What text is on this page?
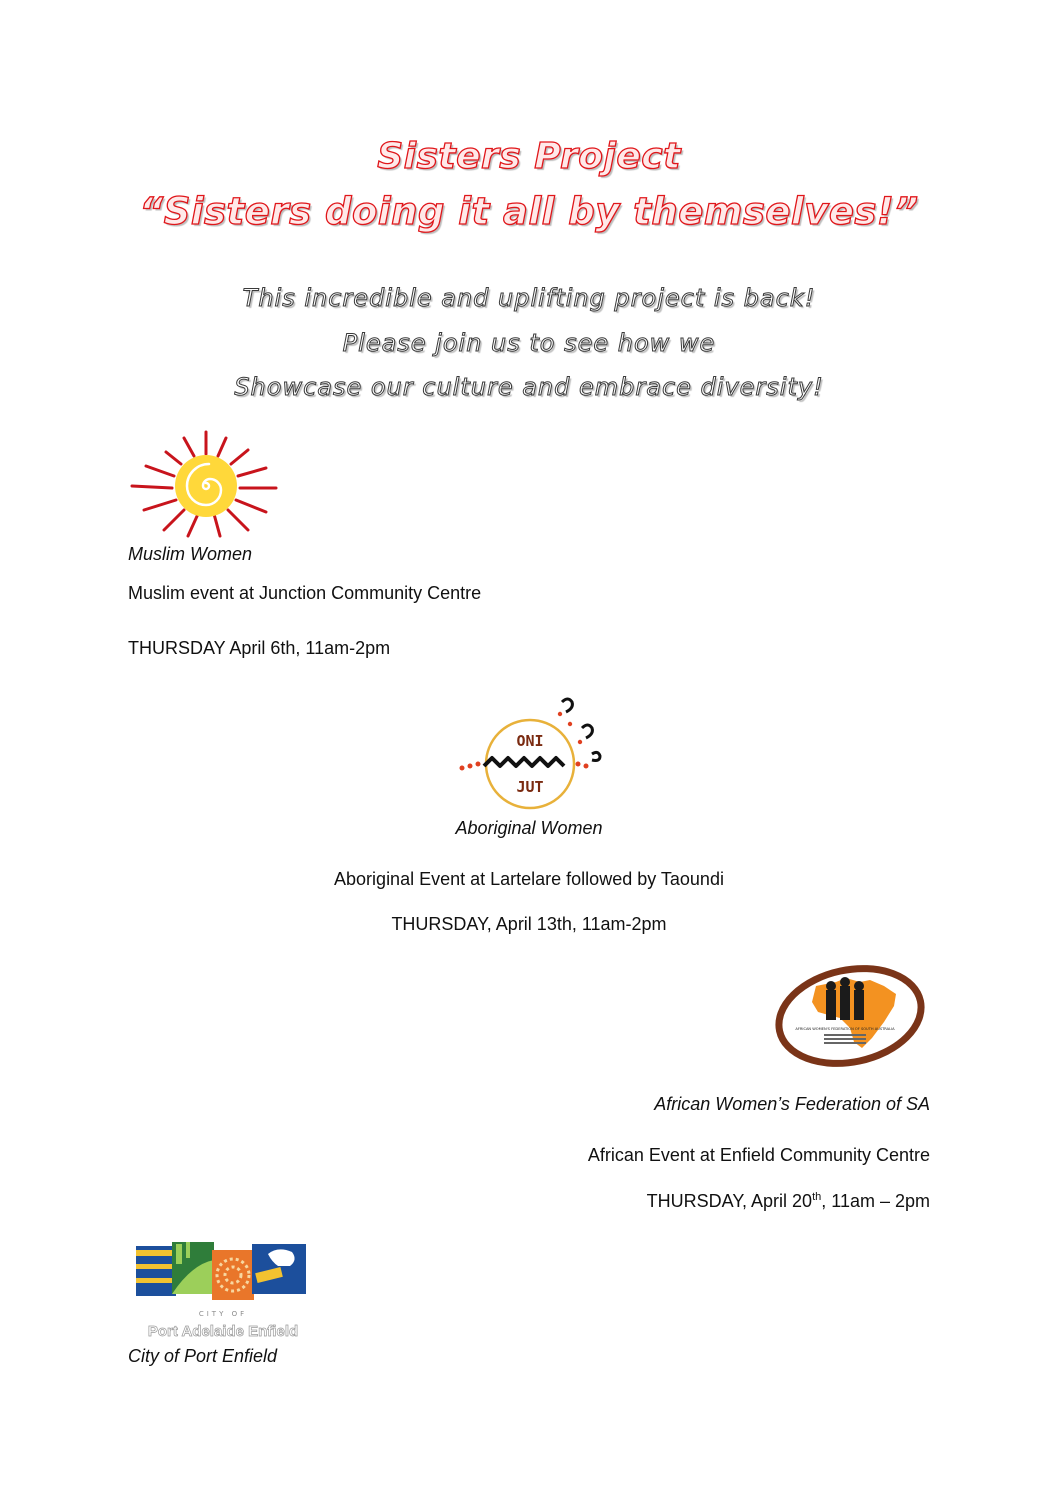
Sisters Project
“Sisters doing it all by themselves!”
This incredible and uplifting project is back!
Please join us to see how we
Showcase our culture and embrace diversity!
Muslim Women
Muslim event at Junction Community Centre
THURSDAY April 6th, 11am-2pm
ONI
JUT
Aboriginal Women
Aboriginal Event at Lartelare followed by Taoundi
THURSDAY, April 13th, 11am-2pm
AFRICAN WOMEN'S FEDERATION OF SOUTH AUSTRALIA
African Women’s Federation of SA
African Event at Enfield Community Centre
THURSDAY, April 20th, 11am – 2pm
CITY OF
Port Adelaide Enfield
City of Port Enfield
